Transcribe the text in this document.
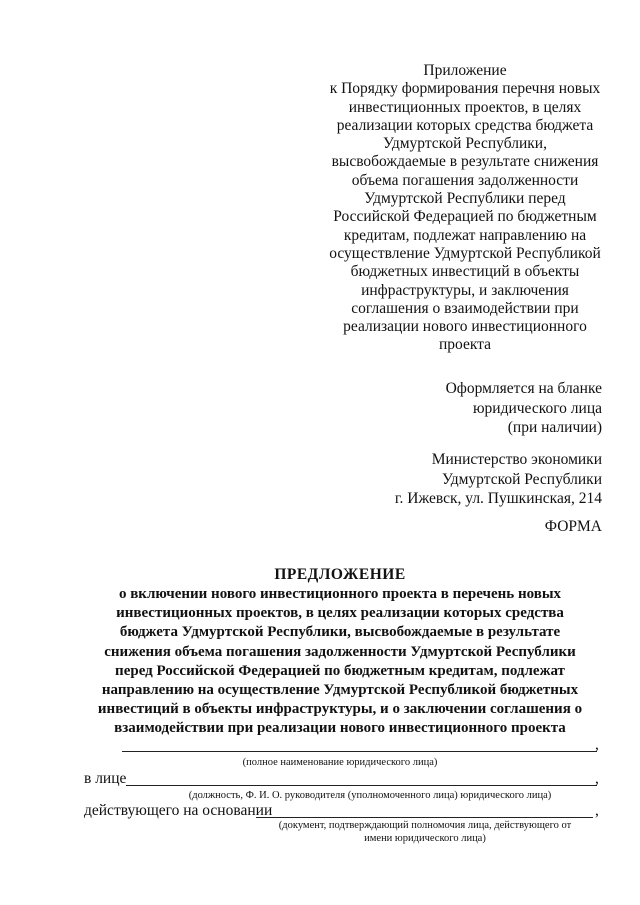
Приложение
к Порядку формирования перечня новых
инвестиционных проектов, в целях
реализации которых средства бюджета
Удмуртской Республики,
высвобождаемые в результате снижения
объема погашения задолженности
Удмуртской Республики перед
Российской Федерацией по бюджетным
кредитам, подлежат направлению на
осуществление Удмуртской Республикой
бюджетных инвестиций в объекты
инфраструктуры, и заключения
соглашения о взаимодействии при
реализации нового инвестиционного
проекта
Оформляется на бланке
юридического лица
(при наличии)
Министерство экономики
Удмуртской Республики
г. Ижевск, ул. Пушкинская, 214
ФОРМА
ПРЕДЛОЖЕНИЕ
о включении нового инвестиционного проекта в перечень новых
инвестиционных проектов, в целях реализации которых средства
бюджета Удмуртской Республики, высвобождаемые в результате
снижения объема погашения задолженности Удмуртской Республики
перед Российской Федерацией по бюджетным кредитам, подлежат
направлению на осуществление Удмуртской Республикой бюджетных
инвестиций в объекты инфраструктуры, и о заключении соглашения о
взаимодействии при реализации нового инвестиционного проекта
,
(полное наименование юридического лица)
в лице	,
(должность, Ф. И. О. руководителя (уполномоченного лица) юридического лица)
действующего на основании	,
(документ, подтверждающий полномочия лица, действующего от
имени юридического лица)
